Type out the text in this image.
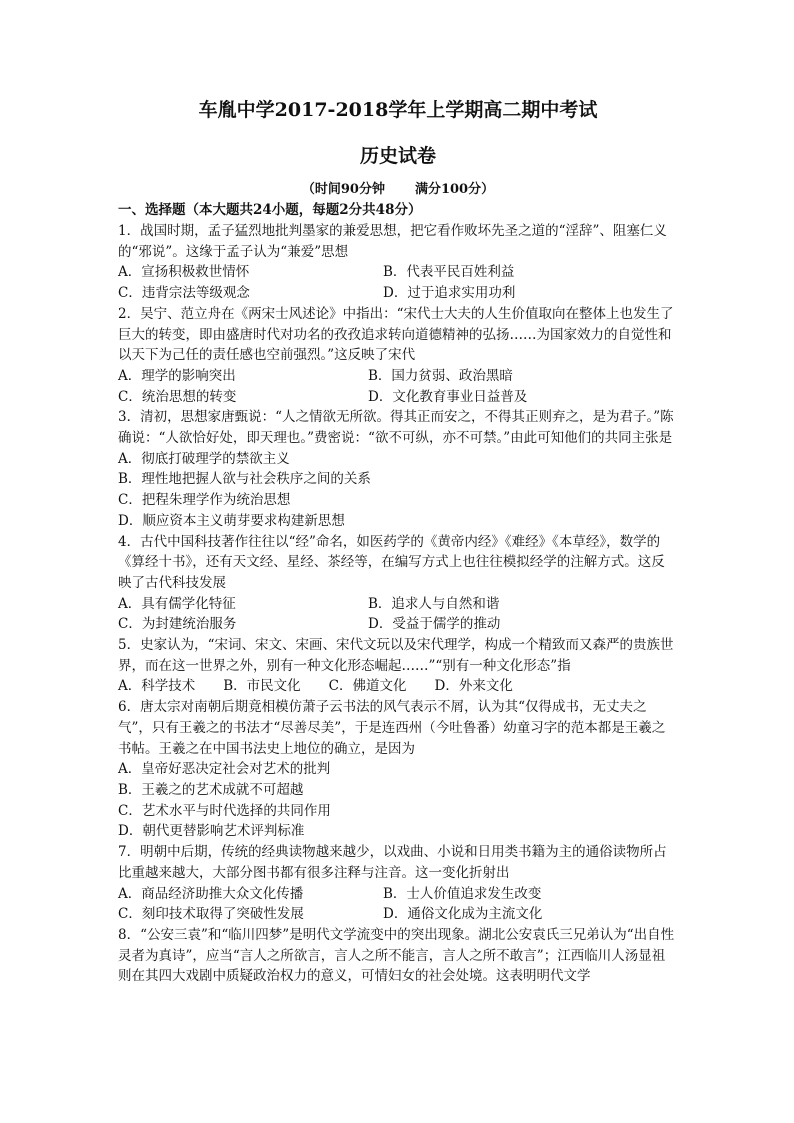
车胤中学2017-2018学年上学期高二期中考试
历史试卷
（时间90分钟 满分100分）
一、选择题（本大题共24小题，每题2分共48分）

1．战国时期，孟子猛烈地批判墨家的兼爱思想，把它看作败坏先圣之道的“淫辞”、阻塞仁义的“邪说”。这缘于孟子认为“兼爱”思想

A．宣扬积极救世情怀	B．代表平民百姓利益
C．违背宗法等级观念	D．过于追求实用功利

2．吴宁、范立舟在《两宋士风述论》中指出：“宋代士大夫的人生价值取向在整体上也发生了巨大的转变，即由盛唐时代对功名的孜孜追求转向道德精神的弘扬……为国家效力的自觉性和以天下为己任的责任感也空前强烈。”这反映了宋代

A．理学的影响突出	B．国力贫弱、政治黑暗
C．统治思想的转变	D．文化教育事业日益普及

3．清初，思想家唐甄说：“人之情欲无所欲。得其正而安之，不得其正则弃之，是为君子。”陈确说：“人欲恰好处，即天理也。”费密说：“欲不可纵，亦不可禁。”由此可知他们的共同主张是

A．彻底打破理学的禁欲主义
B．理性地把握人欲与社会秩序之间的关系
C．把程朱理学作为统治思想
D．顺应资本主义萌芽要求构建新思想

4．古代中国科技著作往往以“经”命名，如医药学的《黄帝内经》《难经》《本草经》，数学的《算经十书》，还有天文经、星经、茶经等，在编写方式上也往往模拟经学的注解方式。这反映了古代科技发展

A．具有儒学化特征	B．追求人与自然和谐
C．为封建统治服务	D．受益于儒学的推动

5．史家认为，“宋词、宋文、宋画、宋代文玩以及宋代理学，构成一个精致而又森严的贵族世界，而在这一世界之外，别有一种文化形态崛起……”“别有一种文化形态”指

A．科学技术 B．市民文化 C．佛道文化 D．外来文化

6．唐太宗对南朝后期竟相模仿萧子云书法的风气表示不屑，认为其“仅得成书，无丈夫之气”，只有王羲之的书法才“尽善尽美”，于是连西州（今吐鲁番）幼童习字的范本都是王羲之书帖。王羲之在中国书法史上地位的确立，是因为

A．皇帝好恶决定社会对艺术的批判
B．王羲之的艺术成就不可超越
C．艺术水平与时代选择的共同作用
D．朝代更替影响艺术评判标准

7．明朝中后期，传统的经典读物越来越少，以戏曲、小说和日用类书籍为主的通俗读物所占比重越来越大，大部分图书都有很多注释与注音。这一变化折射出

A．商品经济助推大众文化传播	B．士人价值追求发生改变
C．刻印技术取得了突破性发展	D．通俗文化成为主流文化

8．“公安三袁”和“临川四梦”是明代文学流变中的突出现象。湖北公安袁氏三兄弟认为“出自性灵者为真诗”，应当“言人之所欲言，言人之所不能言，言人之所不敢言”；江西临川人汤显祖则在其四大戏剧中质疑政治权力的意义，可情妇女的社会处境。这表明明代文学
